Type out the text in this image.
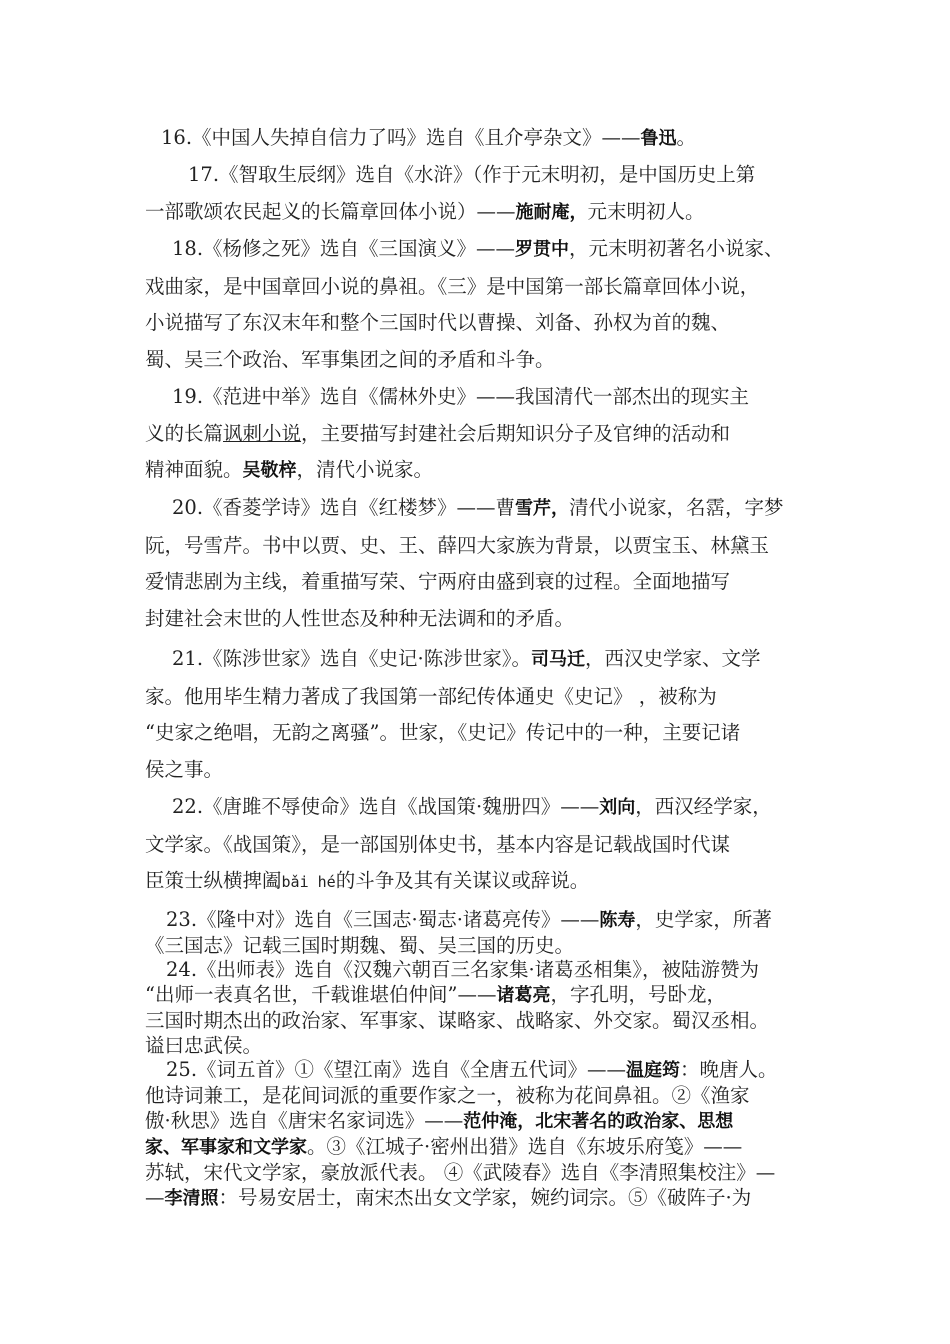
16.《中国人失掉自信力了吗》选自《且介亭杂文》——鲁迅。

17.《智取生辰纲》选自《水浒》（作于元末明初，是中国历史上第
一部歌颂农民起义的长篇章回体小说）——施耐庵，元末明初人。

18.《杨修之死》选自《三国演义》——罗贯中，元末明初著名小说家、
戏曲家，是中国章回小说的鼻祖。《三》是中国第一部长篇章回体小说，
小说描写了东汉末年和整个三国时代以曹操、刘备、孙权为首的魏、
蜀、吴三个政治、军事集团之间的矛盾和斗争。

19.《范进中举》选自《儒林外史》——我国清代一部杰出的现实主
义的长篇讽刺小说，主要描写封建社会后期知识分子及官绅的活动和
精神面貌。吴敬梓，清代小说家。

20.《香菱学诗》选自《红楼梦》——曹雪芹，清代小说家，名霑，字梦
阮，号雪芹。书中以贾、史、王、薛四大家族为背景，以贾宝玉、林黛玉
爱情悲剧为主线，着重描写荣、宁两府由盛到衰的过程。全面地描写
封建社会末世的人性世态及种种无法调和的矛盾。

21.《陈涉世家》选自《史记·陈涉世家》。司马迁，西汉史学家、文学
家。他用毕生精力著成了我国第一部纪传体通史《史记》 ，被称为
“史家之绝唱，无韵之离骚”。世家，《史记》传记中的一种，主要记诸
侯之事。

22.《唐雎不辱使命》选自《战国策·魏册四》——刘向，西汉经学家，
文学家。《战国策》，是一部国别体史书，基本内容是记载战国时代谋
臣策士纵横捭阖bǎi hé的斗争及其有关谋议或辞说。

23.《隆中对》选自《三国志·蜀志·诸葛亮传》——陈寿，史学家，所著
《三国志》记载三国时期魏、蜀、吴三国的历史。

24.《出师表》选自《汉魏六朝百三名家集·诸葛丞相集》，被陆游赞为
“出师一表真名世，千载谁堪伯仲间”——诸葛亮，字孔明，号卧龙，
三国时期杰出的政治家、军事家、谋略家、战略家、外交家。蜀汉丞相。
谥曰忠武侯。

25.《词五首》①《望江南》选自《全唐五代词》——温庭筠：晚唐人。
他诗词兼工，是花间词派的重要作家之一，被称为花间鼻祖。②《渔家
傲·秋思》选自《唐宋名家词选》——范仲淹，北宋著名的政治家、思想
家、军事家和文学家。③《江城子·密州出猎》选自《东坡乐府笺》——
苏轼，宋代文学家，豪放派代表。 ④《武陵春》选自《李清照集校注》—
—李清照：号易安居士，南宋杰出女文学家，婉约词宗。⑤《破阵子·为
